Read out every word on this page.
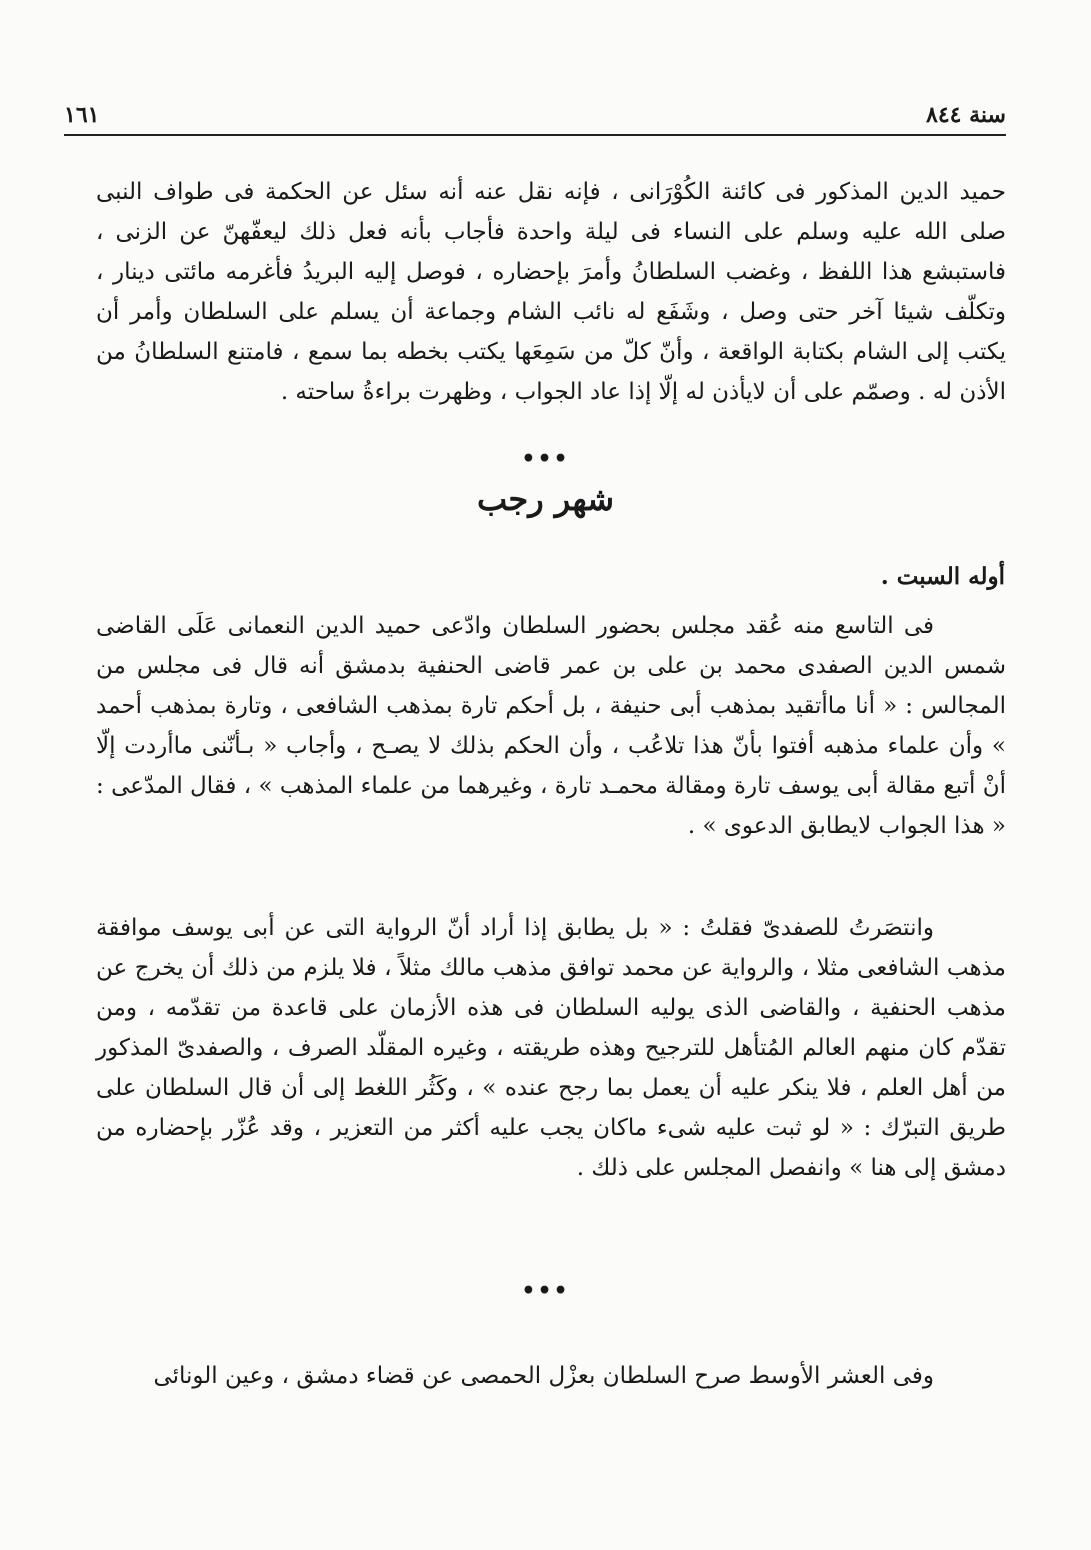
سنة ٨٤٤
١٦١
حميد الدين المذكور فى كائنة الكُوْرَانى ، فإنه نقل عنه أنه سئل عن الحكمة فى طواف النبى صلى الله عليه وسلم على النساء فى ليلة واحدة فأجاب بأنه فعل ذلك ليعفّهنّ عن الزنى ، فاستبشع هذا اللفظ ، وغضب السلطانُ وأمرَ بإحضاره ، فوصل إليه البريدُ فأغرمه مائتى دينار ، وتكلّف شيئا آخر حتى وصل ، وشَفَع له نائب الشام وجماعة أن يسلم على السلطان وأمر أن يكتب إلى الشام بكتابة الواقعة ، وأنّ كلّ من سَمِعَها يكتب بخطه بما سمع ، فامتنع السلطانُ من الأذن له . وصمّم على أن لايأذن له إلّا إذا عاد الجواب ، وظهرت براءةُ ساحته .
•••
شهر رجب
أوله السبت .
فى التاسع منه عُقد مجلس بحضور السلطان وادّعى حميد الدين النعمانى عَلَى القاضى شمس الدين الصفدى محمد بن على بن عمر قاضى الحنفية بدمشق أنه قال فى مجلس من المجالس : « أنا ماأتقيد بمذهب أبى حنيفة ، بل أحكم تارة بمذهب الشافعى ، وتارة بمذهب أحمد » وأن علماء مذهبه أفتوا بأنّ هذا تلاعُب ، وأن الحكم بذلك لا يصـح ، وأجاب « بـأنّنى ماأردت إلّا أنْ أتبع مقالة أبى يوسف تارة ومقالة محمـد تارة ، وغيرهما من علماء المذهب » ، فقال المدّعى : « هذا الجواب لايطابق الدعوى » .
وانتصَرتُ للصفدىّ فقلتُ : « بل يطابق إذا أراد أنّ الرواية التى عن أبى يوسف موافقة مذهب الشافعى مثلا ، والرواية عن محمد توافق مذهب مالك مثلاً ، فلا يلزم من ذلك أن يخرج عن مذهب الحنفية ، والقاضى الذى يوليه السلطان فى هذه الأزمان على قاعدة من تقدّمه ، ومن تقدّم كان منهم العالم المُتأهل للترجيح وهذه طريقته ، وغيره المقلّد الصرف ، والصفدىّ المذكور من أهل العلم ، فلا ينكر عليه أن يعمل بما رجح عنده » ، وكَثُر اللغط إلى أن قال السلطان على طريق التبرّك : « لو ثبت عليه شىء ماكان يجب عليه أكثر من التعزير ، وقد عُزّر بإحضاره من دمشق إلى هنا » وانفصل المجلس على ذلك .
•••
وفى العشر الأوسط صرح السلطان بعزْل الحمصى عن قضاء دمشق ، وعين الونائى
